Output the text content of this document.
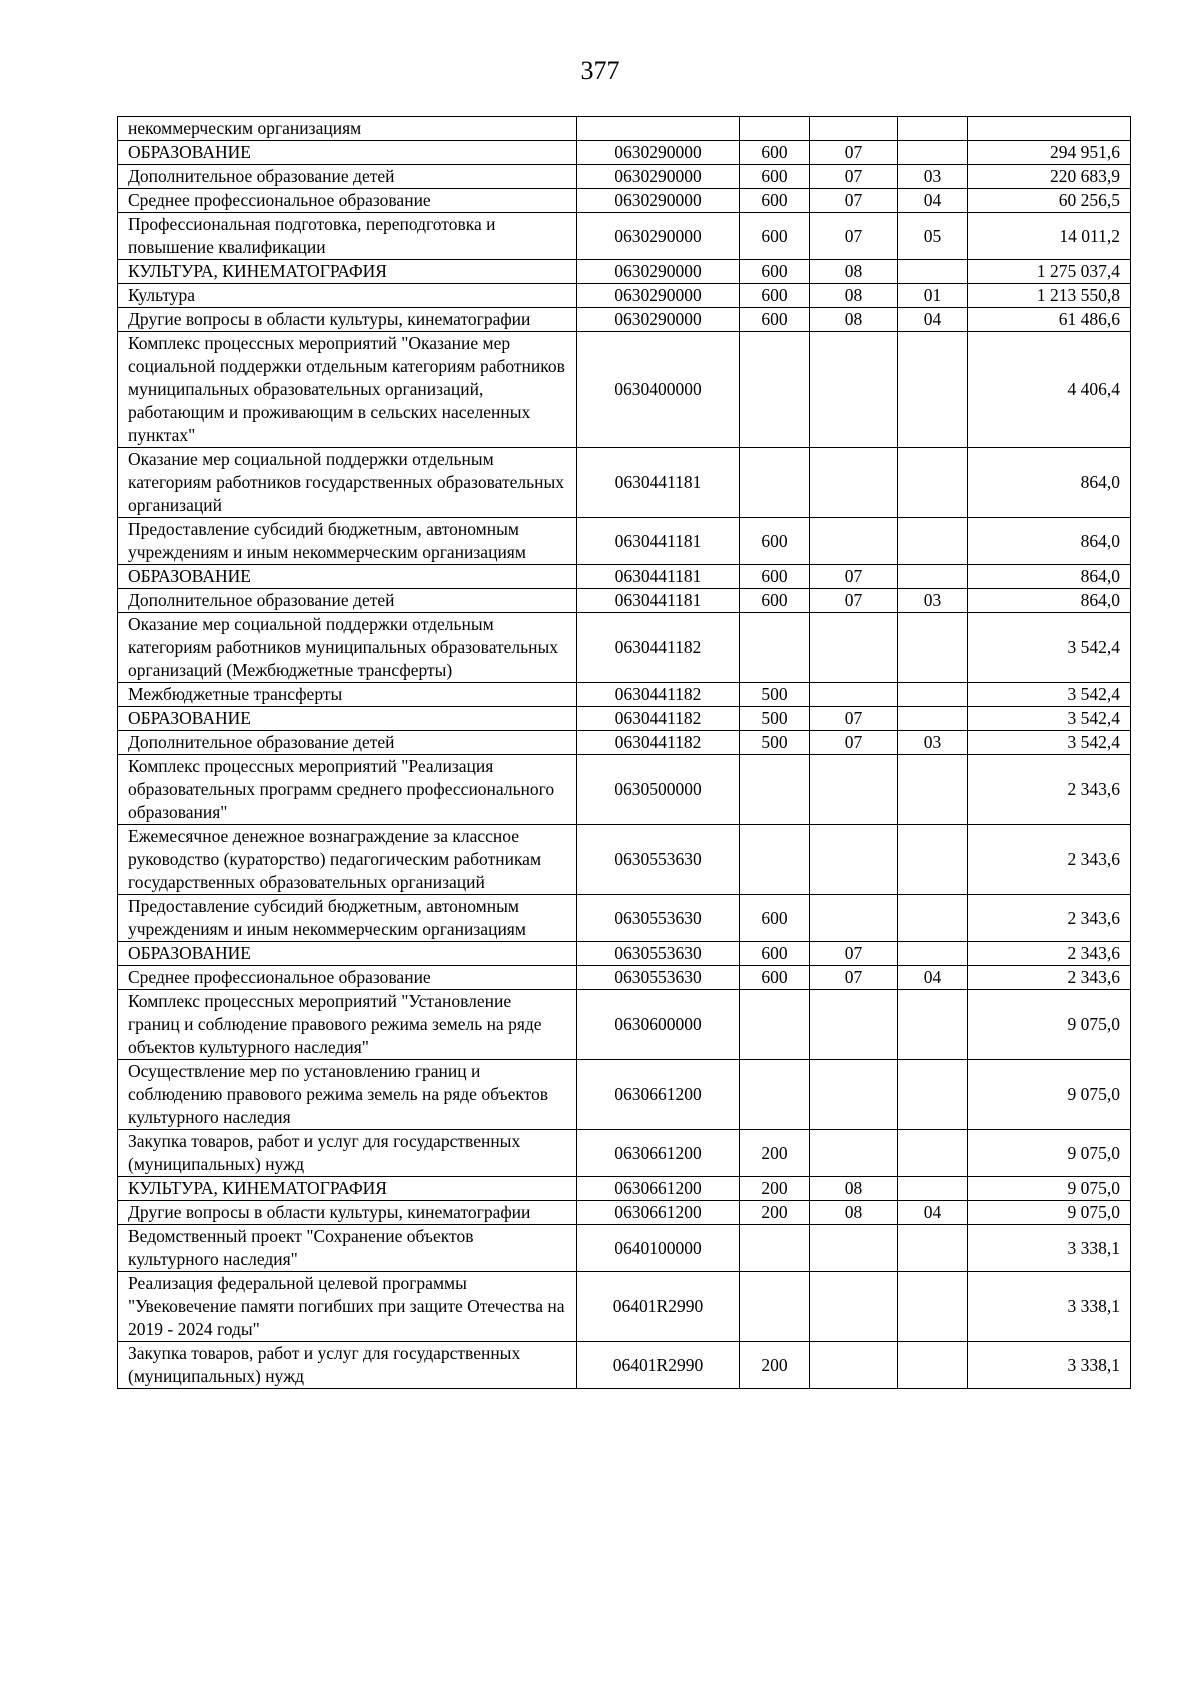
377
некоммерческим организациям					
ОБРАЗОВАНИЕ	0630290000	600	07		294 951,6
Дополнительное образование детей	0630290000	600	07	03	220 683,9
Среднее профессиональное образование	0630290000	600	07	04	60 256,5
Профессиональная подготовка, переподготовка и повышение квалификации	0630290000	600	07	05	14 011,2
КУЛЬТУРА, КИНЕМАТОГРАФИЯ	0630290000	600	08		1 275 037,4
Культура	0630290000	600	08	01	1 213 550,8
Другие вопросы в области культуры, кинематографии	0630290000	600	08	04	61 486,6
Комплекс процессных мероприятий "Оказание мер социальной поддержки отдельным категориям работников муниципальных образовательных организаций, работающим и проживающим в сельских населенных пунктах"	0630400000				4 406,4
Оказание мер социальной поддержки отдельным категориям работников государственных образовательных организаций	0630441181				864,0
Предоставление субсидий бюджетным, автономным учреждениям и иным некоммерческим организациям	0630441181	600			864,0
ОБРАЗОВАНИЕ	0630441181	600	07		864,0
Дополнительное образование детей	0630441181	600	07	03	864,0
Оказание мер социальной поддержки отдельным категориям работников муниципальных образовательных организаций (Межбюджетные трансферты)	0630441182				3 542,4
Межбюджетные трансферты	0630441182	500			3 542,4
ОБРАЗОВАНИЕ	0630441182	500	07		3 542,4
Дополнительное образование детей	0630441182	500	07	03	3 542,4
Комплекс процессных мероприятий "Реализация образовательных программ среднего профессионального образования"	0630500000				2 343,6
Ежемесячное денежное вознаграждение за классное руководство (кураторство) педагогическим работникам государственных образовательных организаций	0630553630				2 343,6
Предоставление субсидий бюджетным, автономным учреждениям и иным некоммерческим организациям	0630553630	600			2 343,6
ОБРАЗОВАНИЕ	0630553630	600	07		2 343,6
Среднее профессиональное образование	0630553630	600	07	04	2 343,6
Комплекс процессных мероприятий "Установление границ и соблюдение правового режима земель на ряде объектов культурного наследия"	0630600000				9 075,0
Осуществление мер по установлению границ и соблюдению правового режима земель на ряде объектов культурного наследия	0630661200				9 075,0
Закупка товаров, работ и услуг для государственных (муниципальных) нужд	0630661200	200			9 075,0
КУЛЬТУРА, КИНЕМАТОГРАФИЯ	0630661200	200	08		9 075,0
Другие вопросы в области культуры, кинематографии	0630661200	200	08	04	9 075,0
Ведомственный проект "Сохранение объектов культурного наследия"	0640100000				3 338,1
Реализация федеральной целевой программы "Увековечение памяти погибших при защите Отечества на 2019 - 2024 годы"	06401R2990				3 338,1
Закупка товаров, работ и услуг для государственных (муниципальных) нужд	06401R2990	200			3 338,1
